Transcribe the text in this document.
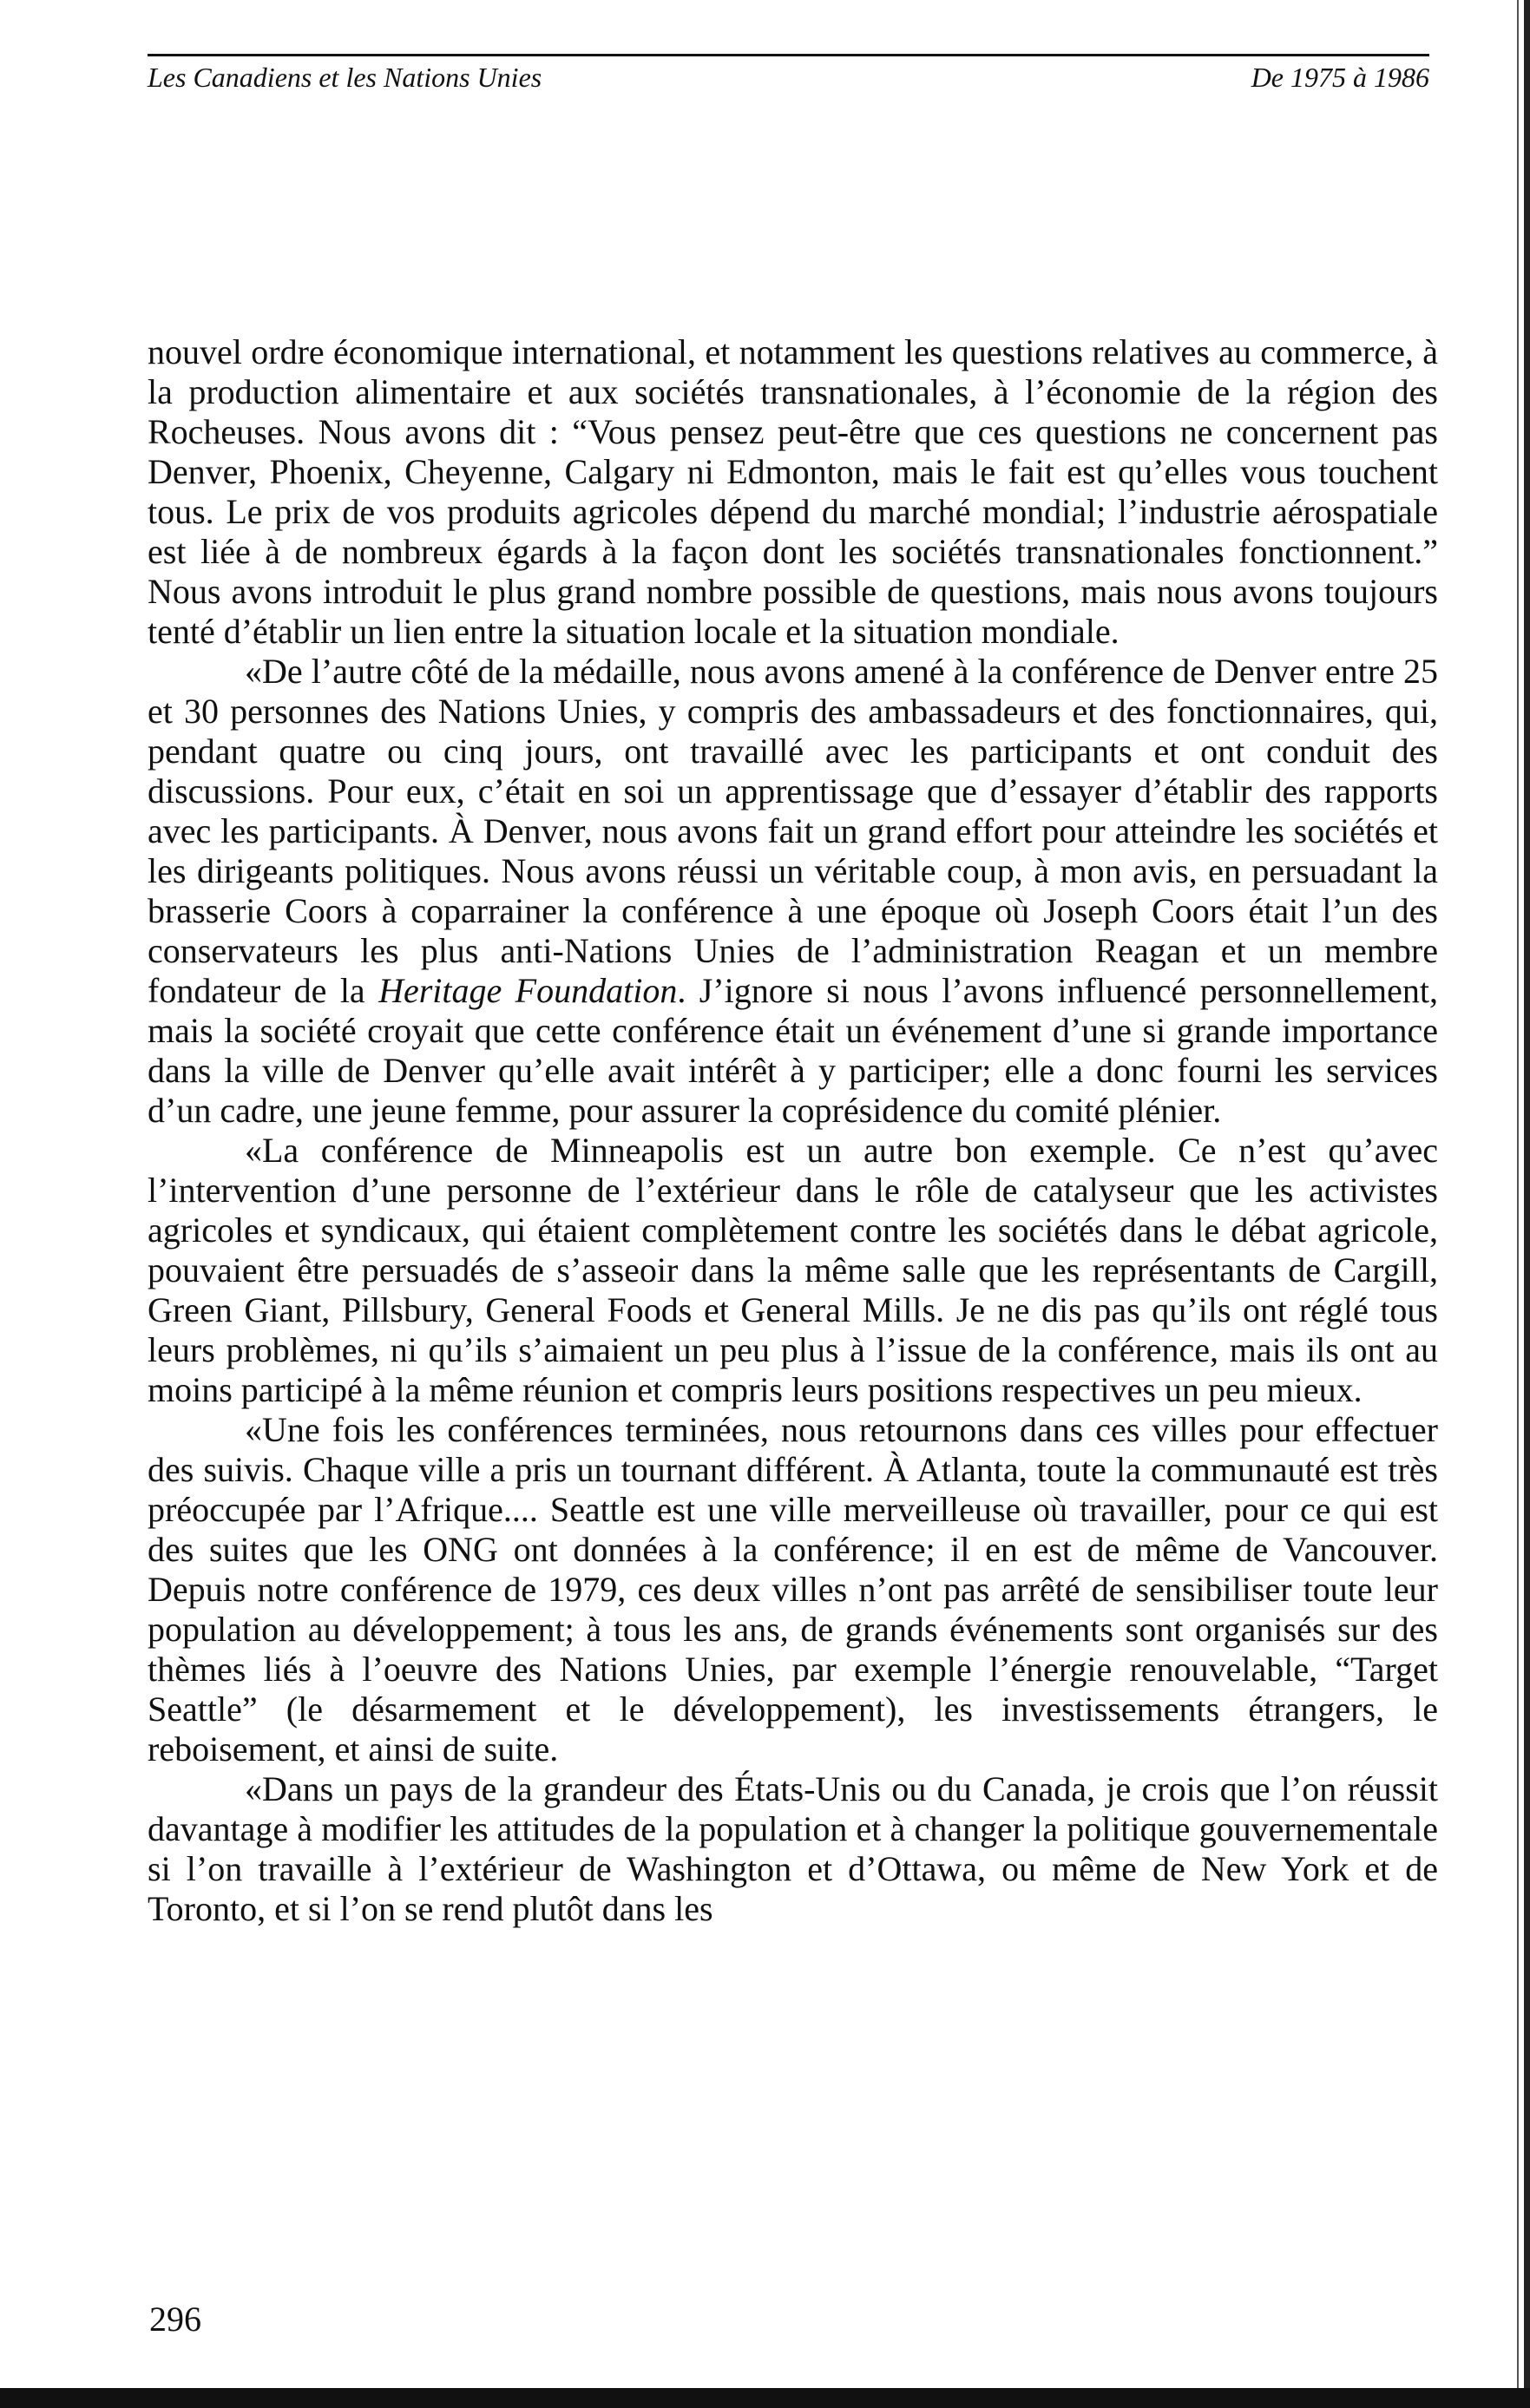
Les Canadiens et les Nations Unies	De 1975 à 1986

nouvel ordre économique international, et notamment les questions relatives au commerce, à la production alimentaire et aux sociétés transnationales, à l’économie de la région des Rocheuses. Nous avons dit : “Vous pensez peut-être que ces questions ne concernent pas Denver, Phoenix, Cheyenne, Calgary ni Edmonton, mais le fait est qu’elles vous touchent tous. Le prix de vos produits agricoles dépend du marché mondial; l’industrie aérospatiale est liée à de nombreux égards à la façon dont les sociétés transnationales fonctionnent.” Nous avons introduit le plus grand nombre possible de questions, mais nous avons toujours tenté d’établir un lien entre la situation locale et la situation mondiale.

«De l’autre côté de la médaille, nous avons amené à la conférence de Denver entre 25 et 30 personnes des Nations Unies, y compris des ambassadeurs et des fonctionnaires, qui, pendant quatre ou cinq jours, ont travaillé avec les participants et ont conduit des discussions. Pour eux, c’était en soi un apprentissage que d’essayer d’établir des rapports avec les participants. À Denver, nous avons fait un grand effort pour atteindre les sociétés et les dirigeants politiques. Nous avons réussi un véritable coup, à mon avis, en persuadant la brasserie Coors à coparrainer la conférence à une époque où Joseph Coors était l’un des conservateurs les plus anti-Nations Unies de l’administration Reagan et un membre fondateur de la Heritage Foundation. J’ignore si nous l’avons influencé personnellement, mais la société croyait que cette conférence était un événement d’une si grande importance dans la ville de Denver qu’elle avait intérêt à y participer; elle a donc fourni les services d’un cadre, une jeune femme, pour assurer la coprésidence du comité plénier.

«La conférence de Minneapolis est un autre bon exemple. Ce n’est qu’avec l’intervention d’une personne de l’extérieur dans le rôle de catalyseur que les activistes agricoles et syndicaux, qui étaient complètement contre les sociétés dans le débat agricole, pouvaient être persuadés de s’asseoir dans la même salle que les représentants de Cargill, Green Giant, Pillsbury, General Foods et General Mills. Je ne dis pas qu’ils ont réglé tous leurs problèmes, ni qu’ils s’aimaient un peu plus à l’issue de la conférence, mais ils ont au moins participé à la même réunion et compris leurs positions respectives un peu mieux.

«Une fois les conférences terminées, nous retournons dans ces villes pour effectuer des suivis. Chaque ville a pris un tournant différent. À Atlanta, toute la communauté est très préoccupée par l’Afrique.... Seattle est une ville merveilleuse où travailler, pour ce qui est des suites que les ONG ont données à la conférence; il en est de même de Vancouver. Depuis notre conférence de 1979, ces deux villes n’ont pas arrêté de sensibiliser toute leur population au développement; à tous les ans, de grands événements sont organisés sur des thèmes liés à l’oeuvre des Nations Unies, par exemple l’énergie renouvelable, “Target Seattle” (le désarmement et le développement), les investissements étrangers, le reboisement, et ainsi de suite.

«Dans un pays de la grandeur des États-Unis ou du Canada, je crois que l’on réussit davantage à modifier les attitudes de la population et à changer la politique gouvernementale si l’on travaille à l’extérieur de Washington et d’Ottawa, ou même de New York et de Toronto, et si l’on se rend plutôt dans les

296
